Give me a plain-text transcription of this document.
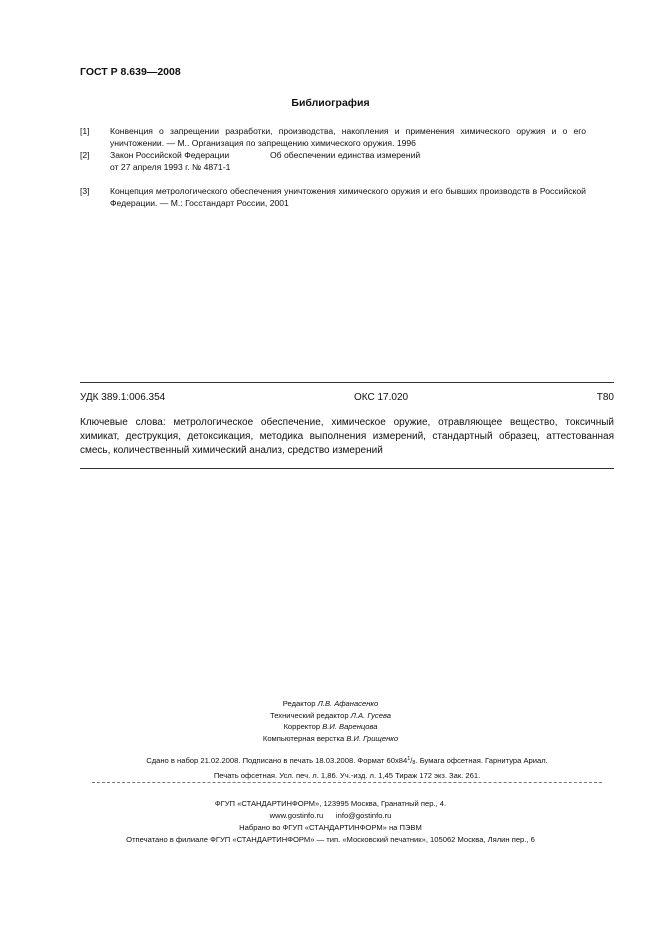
ГОСТ Р 8.639—2008
Библиография
[1] Конвенция о запрещении разработки, производства, накопления и применения химического оружия и о его уничтожении. — М.. Организация по запрещению химического оружия. 1996
[2] Закон Российской Федерации	Об обеспечении единства измерений
от 27 апреля 1993 г. № 4871-1
[3] Концепция метрологического обеспечения уничтожения химического оружия и его бывших производств в Российской Федерации. — М.: Госстандарт России, 2001
УДК 389.1:006.354	ОКС 17.020	Т80
Ключевые слова: метрологическое обеспечение, химическое оружие, отравляющее вещество, токсичный химикат, деструкция, детоксикация, методика выполнения измерений, стандартный образец, аттестованная смесь, количественный химический анализ, средство измерений
Редактор Л.В. Афанасенко
Технический редактор Л.А. Гусева
Корректор В.И. Варенцова
Компьютерная верстка В.И. Грищенко
Сдано в набор 21.02.2008. Подписано в печать 18.03.2008. Формат $60х84^1/_8$. Бумага офсетная. Гарнитура Ариал.
Печать офсетная. Усл. печ. л. 1,86. Уч.-изд. л. 1,45 Тираж 172 экз. Зак. 261.
ФГУП «СТАНДАРТИНФОРМ», 123995 Москва, Гранатный пер., 4.
www.gostinfo.ru info@gostinfo.ru
Набрано во ФГУП «СТАНДАРТИНФОРМ» на ПЭВМ
Отпечатано в филиале ФГУП «СТАНДАРТИНФОРМ» — тип. «Московский печатник», 105062 Москва, Лялин пер., 6
